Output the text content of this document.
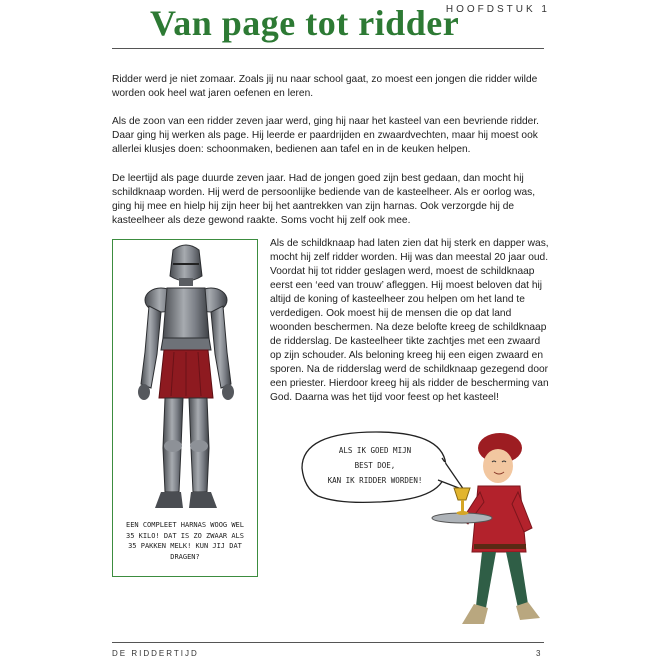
Van page tot ridder
HOOFDSTUK 1

Ridder werd je niet zomaar. Zoals jij nu naar school gaat, zo moest een jongen die ridder wilde worden ook heel wat jaren oefenen en leren.

Als de zoon van een ridder zeven jaar werd, ging hij naar het kasteel van een bevriende ridder. Daar ging hij werken als page. Hij leerde er paardrijden en zwaardvechten, maar hij moest ook allerlei klusjes doen: schoonmaken, bedienen aan tafel en in de keuken helpen.

De leertijd als page duurde zeven jaar. Had de jongen goed zijn best gedaan, dan mocht hij schildknaap worden. Hij werd de persoonlijke bediende van de kasteelheer. Als er oorlog was, ging hij mee en hielp hij zijn heer bij het aantrekken van zijn harnas. Ook verzorgde hij de kasteelheer als deze gewond raakte. Soms vocht hij zelf ook mee.

Als de schildknaap had laten zien dat hij sterk en dapper was, mocht hij zelf ridder worden. Hij was dan meestal 20 jaar oud. Voordat hij tot ridder geslagen werd, moest de schildknaap eerst een ‘eed van trouw’ afleggen. Hij moest beloven dat hij altijd de koning of kasteelheer zou helpen om het land te verdedigen. Ook moest hij de mensen die op dat land woonden beschermen. Na deze belofte kreeg de schildknaap de ridderslag. De kasteelheer tikte zachtjes met een zwaard op zijn schouder. Als beloning kreeg hij een eigen zwaard en sporen. Na de ridderslag werd de schildknaap gezegend door een priester. Hierdoor kreeg hij als ridder de bescherming van God. Daarna was het tijd voor feest op het kasteel!

EEN COMPLEET HARNAS WOOG WEL 35 KILO! DAT IS ZO ZWAAR ALS 35 PAKKEN MELK! KUN JIJ DAT DRAGEN?
ALS IK GOED MIJN
BEST DOE,
KAN IK RIDDER WORDEN!
DE RIDDERTIJD	3
